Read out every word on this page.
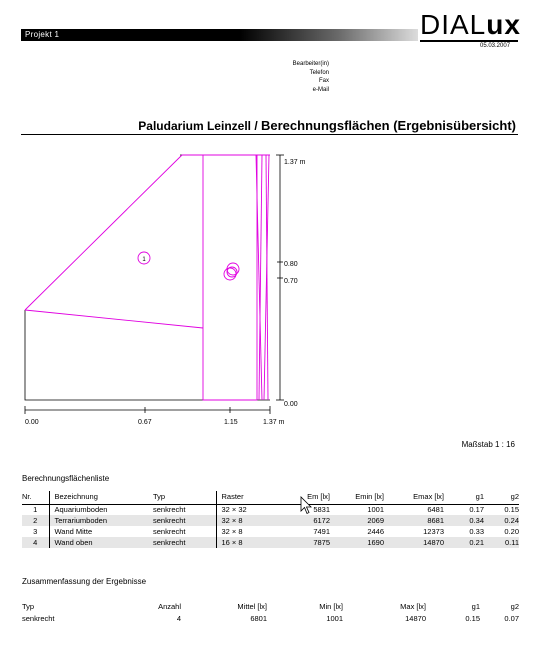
Projekt 1	DIALux
05.03.2007
Bearbeiter(in)
Telefon
Fax
e-Mail
Paludarium Leinzell / Berechnungsflächen (Ergebnisübersicht)
1
0.00	0.67	1.15	1.37 m
1.37 m
0.80
0.70
0.00
Maßstab 1 : 16
Berechnungsflächenliste
Nr.	Bezeichnung	Typ	Raster	Em [lx]	Emin [lx]	Emax [lx]	g1	g2
1	Aquariumboden	senkrecht	32 × 32	5831	1001	6481	0.17	0.15
2	Terrariumboden	senkrecht	32 × 8	6172	2069	8681	0.34	0.24
3	Wand Mitte	senkrecht	32 × 8	7491	2446	12373	0.33	0.20
4	Wand oben	senkrecht	16 × 8	7875	1690	14870	0.21	0.11
Zusammenfassung der Ergebnisse
Typ	Anzahl	Mittel [lx]	Min [lx]	Max [lx]	g1	g2
senkrecht	4	6801	1001	14870	0.15	0.07
